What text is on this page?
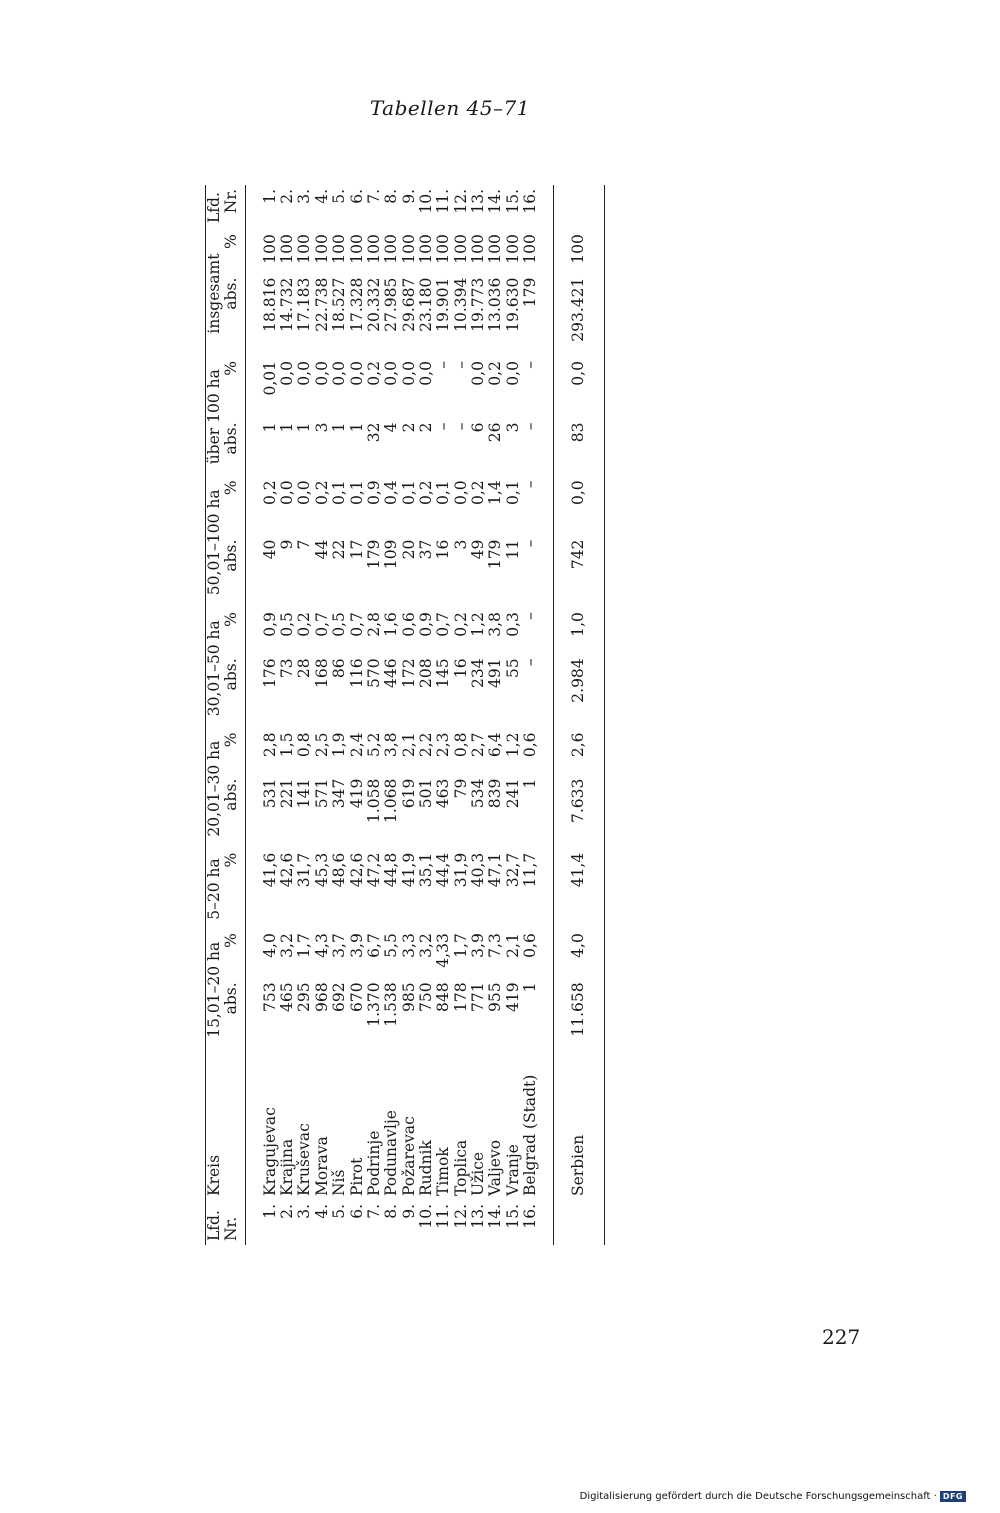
Tabellen 45–71
Lfd.	Kreis	15,01–20 ha		5–20 ha	20,01–30 ha		30,01–50 ha		50,01–100 ha		über 100 ha		insgesamt		Lfd.
Nr.		abs.	%	%	abs.	%	abs.	%	abs.	%	abs.	%	abs.	%	Nr.
1.	Kragujevac	753	4,0	41,6	531	2,8	176	0,9	40	0,2	1	0,01	18.816	100	1.
2.	Krajina	465	3,2	42,6	221	1,5	73	0,5	9	0,0	1	0,0	14.732	100	2.
3.	Kruševac	295	1,7	31,7	141	0,8	28	0,2	7	0,0	1	0,0	17.183	100	3.
4.	Morava	968	4,3	45,3	571	2,5	168	0,7	44	0,2	3	0,0	22.738	100	4.
5.	Niš	692	3,7	48,6	347	1,9	86	0,5	22	0,1	1	0,0	18.527	100	5.
6.	Pirot	670	3,9	42,6	419	2,4	116	0,7	17	0,1	1	0,0	17.328	100	6.
7.	Podrinje	1.370	6,7	47,2	1.058	5,2	570	2,8	179	0,9	32	0,2	20.332	100	7.
8.	Podunavlje	1.538	5,5	44,8	1.068	3,8	446	1,6	109	0,4	4	0,0	27.985	100	8.
9.	Požarevac	985	3,3	41,9	619	2,1	172	0,6	20	0,1	2	0,0	29.687	100	9.
10.	Rudnik	750	3,2	35,1	501	2,2	208	0,9	37	0,2	2	0,0	23.180	100	10.
11.	Timok	848	4,33	44,4	463	2,3	145	0,7	16	0,1	–	–	19.901	100	11.
12.	Toplica	178	1,7	31,9	79	0,8	16	0,2	3	0,0	–	–	10.394	100	12.
13.	Užice	771	3,9	40,3	534	2,7	234	1,2	49	0,2	6	0,0	19.773	100	13.
14.	Valjevo	955	7,3	47,1	839	6,4	491	3,8	179	1,4	26	0,2	13.036	100	14.
15.	Vranje	419	2,1	32,7	241	1,2	55	0,3	11	0,1	3	0,0	19.630	100	15.
16.	Belgrad (Stadt)	1	0,6	11,7	1	0,6	–	–	–	–	–	–	179	100	16.
	Serbien	11.658	4,0	41,4	7.633	2,6	2.984	1,0	742	0,0	83	0,0	293.421	100	
227
Digitalisierung gefördert durch die Deutsche Forschungsgemeinschaft · DFG
